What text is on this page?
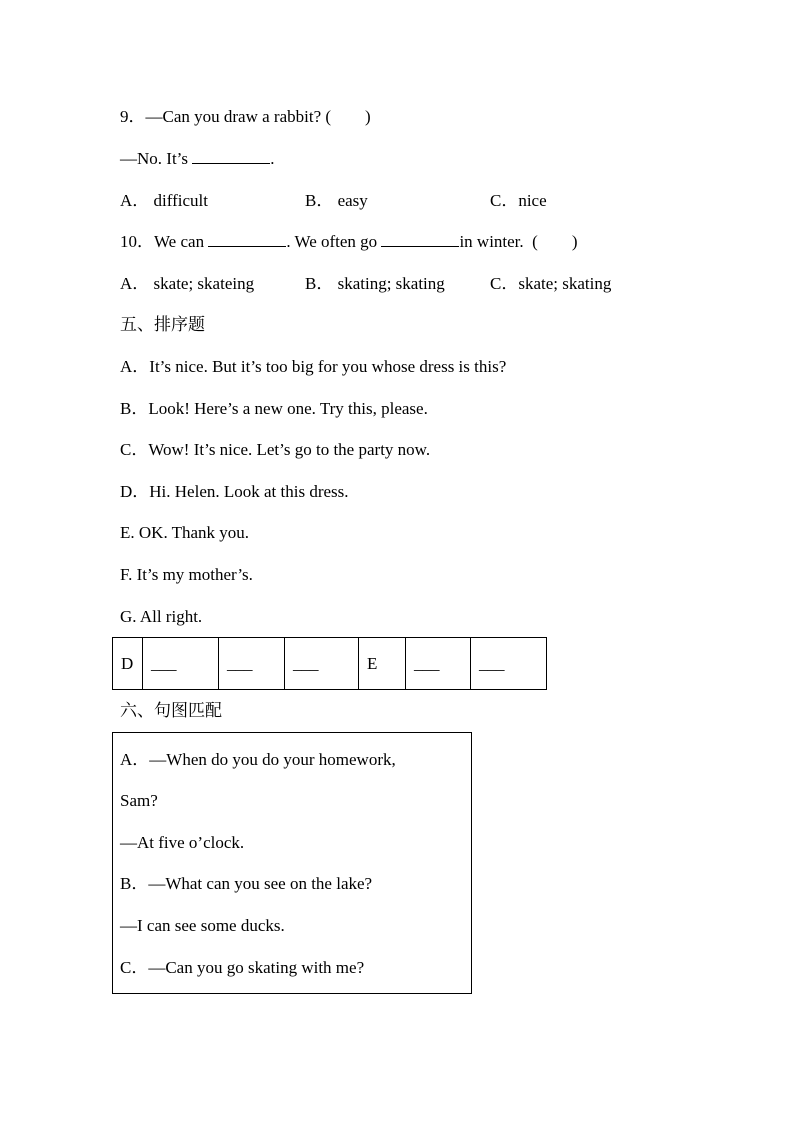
9．—Can you draw a rabbit? (        )
—No. It’s	.
A． difficult	B． easy	C．nice
10．We can	. We often go	in winter.  (        )
A． skate; skateing	B． skating; skating	C．skate; skating
五、排序题
A．It’s nice. But it’s too big for you whose dress is this?
B．Look! Here’s a new one. Try this, please.
C．Wow! It’s nice. Let’s go to the party now.
D．Hi. Helen. Look at this dress.
E. OK. Thank you.
F. It’s my mother’s.
G. All right.
D	___	___	___	E	___	___
六、句图匹配
A．—When do you do your homework,
Sam?
—At five o’clock.
B．—What can you see on the lake?
—I can see some ducks.
C．—Can you go skating with me?
